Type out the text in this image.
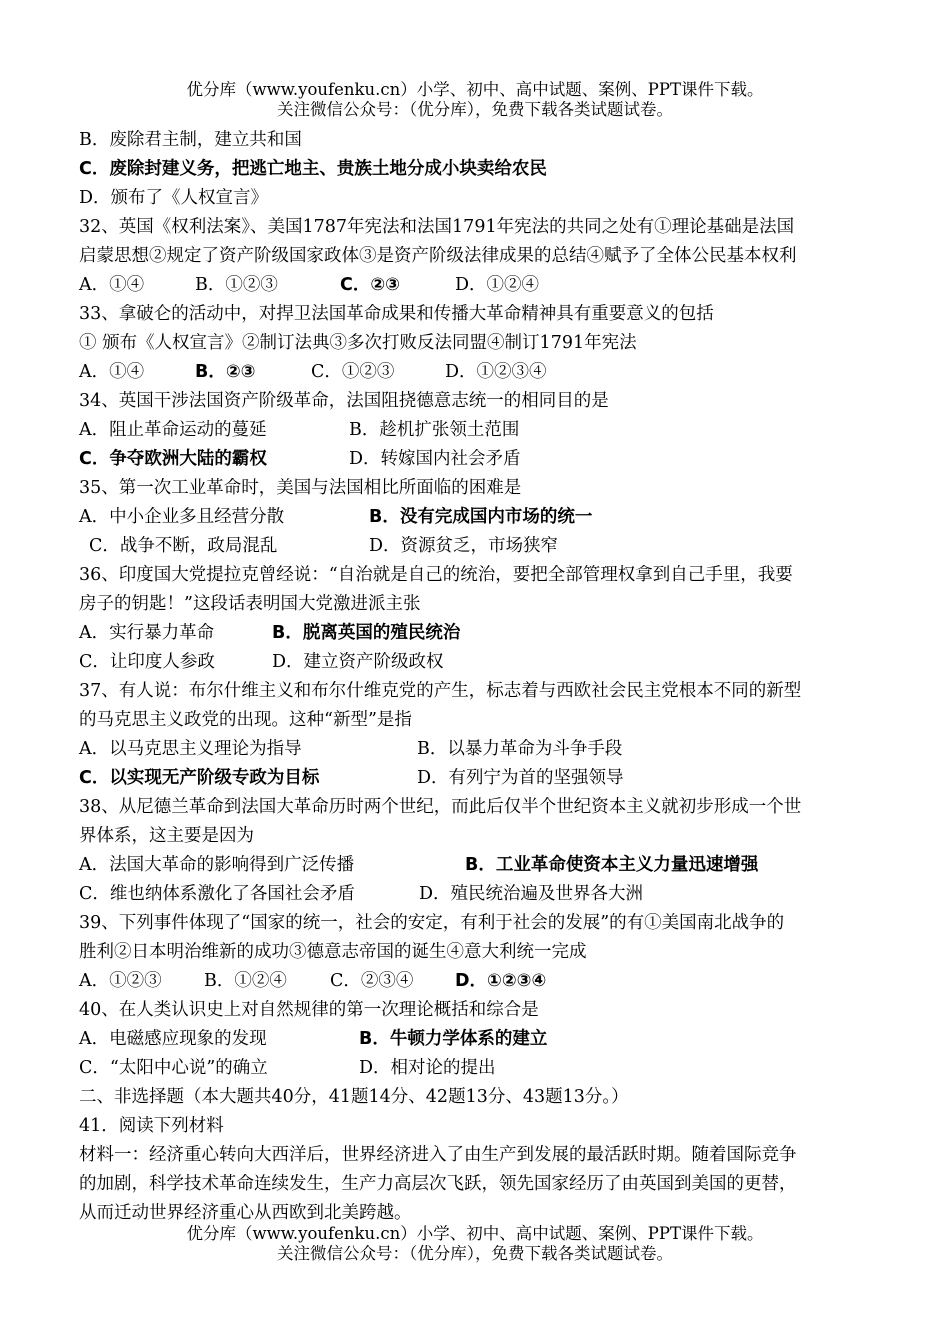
优分库（www.youfenku.cn）小学、初中、高中试题、案例、PPT课件下载。
关注微信公众号：（优分库），免费下载各类试题试卷。
B．废除君主制，建立共和国
C．废除封建义务，把逃亡地主、贵族土地分成小块卖给农民
D．颁布了《人权宣言》
32、英国《权利法案》、美国1787年宪法和法国1791年宪法的共同之处有①理论基础是法国
启蒙思想②规定了资产阶级国家政体③是资产阶级法律成果的总结④赋予了全体公民基本权利
A．①④	B．①②③	C．②③	D．①②④
33、拿破仑的活动中，对捍卫法国革命成果和传播大革命精神具有重要意义的包括
① 颁布《人权宣言》②制订法典③多次打败反法同盟④制订1791年宪法
A．①④	B．②③	C．①②③	D．①②③④
34、英国干涉法国资产阶级革命，法国阻挠德意志统一的相同目的是
A．阻止革命运动的蔓延	B．趁机扩张领土范围
C．争夺欧洲大陆的霸权	D．转嫁国内社会矛盾
35、第一次工业革命时，美国与法国相比所面临的困难是
A．中小企业多且经营分散	B．没有完成国内市场的统一
C．战争不断，政局混乱	D．资源贫乏，市场狭窄
36、印度国大党提拉克曾经说：“自治就是自己的统治，要把全部管理权拿到自己手里，我要
房子的钥匙！”这段话表明国大党激进派主张
A．实行暴力革命	B．脱离英国的殖民统治
C．让印度人参政	D．建立资产阶级政权
37、有人说：布尔什维主义和布尔什维克党的产生，标志着与西欧社会民主党根本不同的新型
的马克思主义政党的出现。这种“新型”是指
A．以马克思主义理论为指导	B．以暴力革命为斗争手段
C．以实现无产阶级专政为目标	D．有列宁为首的坚强领导
38、从尼德兰革命到法国大革命历时两个世纪，而此后仅半个世纪资本主义就初步形成一个世
界体系，这主要是因为
A．法国大革命的影响得到广泛传播	B．工业革命使资本主义力量迅速增强
C．维也纳体系激化了各国社会矛盾	D．殖民统治遍及世界各大洲
39、下列事件体现了“国家的统一，社会的安定，有利于社会的发展”的有①美国南北战争的
胜利②日本明治维新的成功③德意志帝国的诞生④意大利统一完成
A．①②③ B．①②④ C．②③④ D．①②③④
40、在人类认识史上对自然规律的第一次理论概括和综合是
A．电磁感应现象的发现	B．牛顿力学体系的建立
C．“太阳中心说”的确立	D．相对论的提出
二、非选择题（本大题共40分，41题14分、42题13分、43题13分。）
41．阅读下列材料
材料一：经济重心转向大西洋后，世界经济进入了由生产到发展的最活跃时期。随着国际竞争
的加剧，科学技术革命连续发生，生产力高层次飞跃，领先国家经历了由英国到美国的更替，
从而迁动世界经济重心从西欧到北美跨越。
优分库（www.youfenku.cn）小学、初中、高中试题、案例、PPT课件下载。
关注微信公众号：（优分库），免费下载各类试题试卷。
